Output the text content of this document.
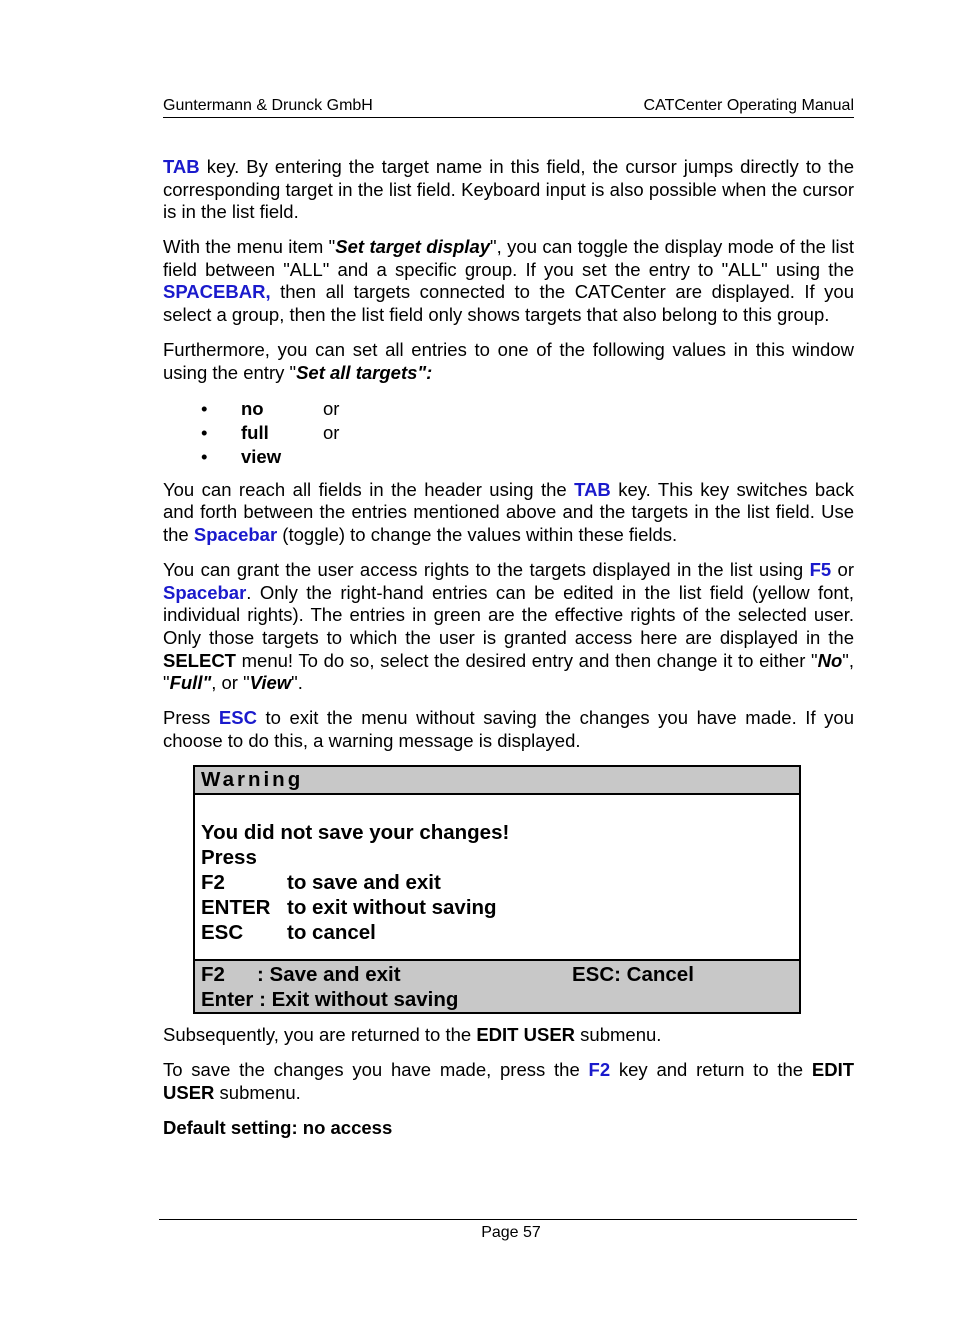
Guntermann & Drunck GmbH	CATCenter Operating Manual

TAB key. By entering the target name in this field, the cursor jumps directly to the corresponding target in the list field. Keyboard input is also possible when the cursor is in the list field.

With the menu item "Set target display", you can toggle the display mode of the list field between "ALL" and a specific group. If you set the entry to "ALL" using the SPACEBAR, then all targets connected to the CATCenter are displayed. If you select a group, then the list field only shows targets that also belong to this group.

Furthermore, you can set all entries to one of the following values in this window using the entry "Set all targets":

• no	or
• full	or
• view

You can reach all fields in the header using the TAB key. This key switches back and forth between the entries mentioned above and the targets in the list field. Use the Spacebar (toggle) to change the values within these fields.

You can grant the user access rights to the targets displayed in the list using F5 or Spacebar. Only the right-hand entries can be edited in the list field (yellow font, individual rights). The entries in green are the effective rights of the selected user. Only those targets to which the user is granted access here are displayed in the SELECT menu! To do so, select the desired entry and then change it to either "No", "Full", or "View".

Press ESC to exit the menu without saving the changes you have made. If you choose to do this, a warning message is displayed.

Warning
You did not save your changes!
Press
F2	to save and exit
ENTER to exit without saving
ESC to cancel
F2 : Save and exit	ESC: Cancel
Enter : Exit without saving

Subsequently, you are returned to the EDIT USER submenu.

To save the changes you have made, press the F2 key and return to the EDIT USER submenu.

Default setting: no access

Page 57
